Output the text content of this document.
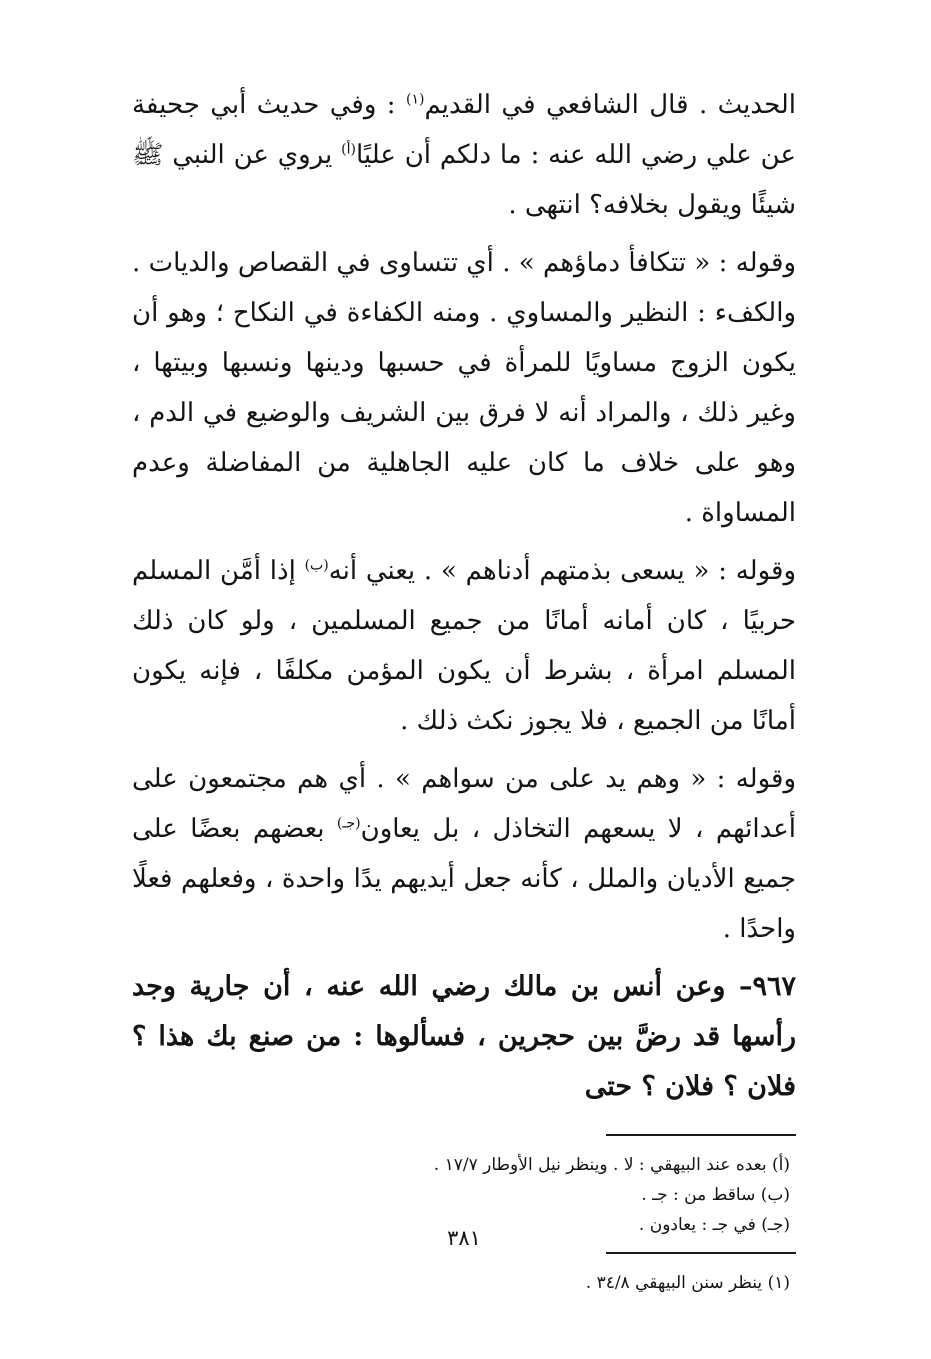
الحديث . قال الشافعي في القديم$^{(١)}$ : وفي حديث أبي جحيفة عن علي رضي الله عنه : ما دلكم أن عليًا$^{(أ)}$ يروي عن النبي ﷺ شيئًا ويقول بخلافه؟ انتهى .

وقوله : « تتكافأ دماؤهم » . أي تتساوى في القصاص والديات . والكفء : النظير والمساوي . ومنه الكفاءة في النكاح ؛ وهو أن يكون الزوج مساويًا للمرأة في حسبها ودينها ونسبها وبيتها ، وغير ذلك ، والمراد أنه لا فرق بين الشريف والوضيع في الدم ، وهو على خلاف ما كان عليه الجاهلية من المفاضلة وعدم المساواة .

وقوله : « يسعى بذمتهم أدناهم » . يعني أنه$^{(ب)}$ إذا أمَّن المسلم حربيًا ، كان أمانه أمانًا من جميع المسلمين ، ولو كان ذلك المسلم امرأة ، بشرط أن يكون المؤمن مكلفًا ، فإنه يكون أمانًا من الجميع ، فلا يجوز نكث ذلك .

وقوله : « وهم يد على من سواهم » . أي هم مجتمعون على أعدائهم ، لا يسعهم التخاذل ، بل يعاون$^{(جـ)}$ بعضهم بعضًا على جميع الأديان والملل ، كأنه جعل أيديهم يدًا واحدة ، وفعلهم فعلًا واحدًا .

٩٦٧– وعن أنس بن مالك رضي الله عنه ، أن جارية وجد رأسها قد رضَّ بين حجرين ، فسألوها : من صنع بك هذا ؟ فلان ؟ فلان ؟ حتى

(أ) بعده عند البيهقي : لا . وينظر نيل الأوطار ١٧/٧ .
(ب) ساقط من : جـ .
(جـ) في جـ : يعادون .
(١) ينظر سنن البيهقي ٣٤/٨ .
٣٨١
